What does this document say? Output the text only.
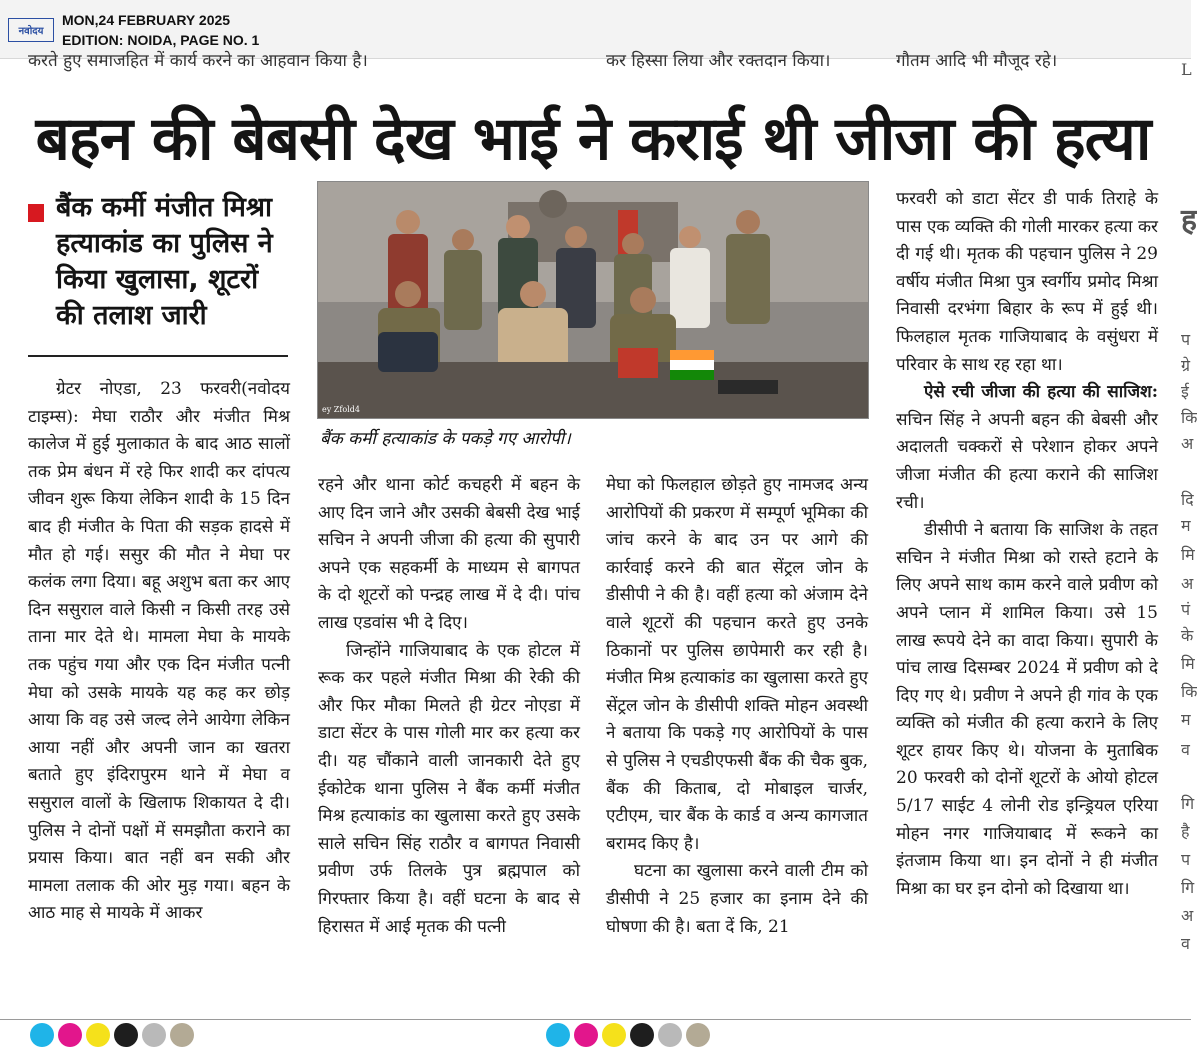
नवोदय
MON,24 FEBRUARY 2025
EDITION: NOIDA, PAGE NO. 1
करते हुए समाजहित में कार्य करने का आहवान किया है।	कर हिस्सा लिया और रक्तदान किया।	गौतम आदि भी मौजूद रहे।	L
ह
प
ग्रे
ई
कि
अ
दि
म
मि
अ
पं
के
मि
कि
म
व
गि
है
प
गि
अ
व
बहन की बेबसी देख भाई ने कराई थी जीजा की हत्या

बैंक कर्मी मंजीत मिश्रा हत्याकांड का पुलिस ने किया खुलासा, शूटरों की तलाश जारी

ey Zfold4
बैंक कर्मी हत्याकांड के पकड़े गए आरोपी।

ग्रेटर नोएडा, 23 फरवरी(नवोदय टाइम्स): मेघा राठौर और मंजीत मिश्र कालेज में हुई मुलाकात के बाद आठ सालों तक प्रेम बंधन में रहे फिर शादी कर दांपत्य जीवन शुरू किया लेकिन शादी के 15 दिन बाद ही मंजीत के पिता की सड़क हादसे में मौत हो गई। ससुर की मौत ने मेघा पर कलंक लगा दिया। बहू अशुभ बता कर आए दिन ससुराल वाले किसी न किसी तरह उसे ताना मार देते थे। मामला मेघा के मायके तक पहुंच गया और एक दिन मंजीत पत्नी मेघा को उसके मायके यह कह कर छोड़ आया कि वह उसे जल्द लेने आयेगा लेकिन आया नहीं और अपनी जान का खतरा बताते हुए इंदिरापुरम थाने में मेघा व ससुराल वालों के खिलाफ शिकायत दे दी। पुलिस ने दोनों पक्षों में समझौता कराने का प्रयास किया। बात नहीं बन सकी और मामला तलाक की ओर मुड़ गया। बहन के आठ माह से मायके में आकर

रहने और थाना कोर्ट कचहरी में बहन के आए दिन जाने और उसकी बेबसी देख भाई सचिन ने अपनी जीजा की हत्या की सुपारी अपने एक सहकर्मी के माध्यम से बागपत के दो शूटरों को पन्द्रह लाख में दे दी। पांच लाख एडवांस भी दे दिए।

जिन्होंने गाजियाबाद के एक होटल में रूक कर पहले मंजीत मिश्रा की रेकी की और फिर मौका मिलते ही ग्रेटर नोएडा में डाटा सेंटर के पास गोली मार कर हत्या कर दी। यह चौंकाने वाली जानकारी देते हुए ईकोटेक थाना पुलिस ने बैंक कर्मी मंजीत मिश्र हत्याकांड का खुलासा करते हुए उसके साले सचिन सिंह राठौर व बागपत निवासी प्रवीण उर्फ तिलके पुत्र ब्रह्मपाल को गिरफ्तार किया है। वहीं घटना के बाद से हिरासत में आई मृतक की पत्नी

मेघा को फिलहाल छोड़ते हुए नामजद अन्य आरोपियों की प्रकरण में सम्पूर्ण भूमिका की जांच करने के बाद उन पर आगे की कार्रवाई करने की बात सेंट्रल जोन के डीसीपी ने की है। वहीं हत्या को अंजाम देने वाले शूटरों की पहचान करते हुए उनके ठिकानों पर पुलिस छापेमारी कर रही है। मंजीत मिश्र हत्याकांड का खुलासा करते हुए सेंट्रल जोन के डीसीपी शक्ति मोहन अवस्थी ने बताया कि पकड़े गए आरोपियों के पास से पुलिस ने एचडीएफसी बैंक की चैक बुक, बैंक की किताब, दो मोबाइल चार्जर, एटीएम, चार बैंक के कार्ड व अन्य कागजात बरामद किए है।

घटना का खुलासा करने वाली टीम को डीसीपी ने 25 हजार का इनाम देने की घोषणा की है। बता दें कि, 21

फरवरी को डाटा सेंटर डी पार्क तिराहे के पास एक व्यक्ति की गोली मारकर हत्या कर दी गई थी। मृतक की पहचान पुलिस ने 29 वर्षीय मंजीत मिश्रा पुत्र स्वर्गीय प्रमोद मिश्रा निवासी दरभंगा बिहार के रूप में हुई थी। फिलहाल मृतक गाजियाबाद के वसुंधरा में परिवार के साथ रह रहा था।

ऐसे रची जीजा की हत्या की साजिश: सचिन सिंह ने अपनी बहन की बेबसी और अदालती चक्करों से परेशान होकर अपने जीजा मंजीत की हत्या कराने की साजिश रची।

डीसीपी ने बताया कि साजिश के तहत सचिन ने मंजीत मिश्रा को रास्ते हटाने के लिए अपने साथ काम करने वाले प्रवीण को अपने प्लान में शामिल किया। उसे 15 लाख रूपये देने का वादा किया। सुपारी के पांच लाख दिसम्बर 2024 में प्रवीण को दे दिए गए थे। प्रवीण ने अपने ही गांव के एक व्यक्ति को मंजीत की हत्या कराने के लिए शूटर हायर किए थे। योजना के मुताबिक 20 फरवरी को दोनों शूटरों के ओयो होटल 5/17 साईट 4 लोनी रोड इन्ड्रियल एरिया मोहन नगर गाजियाबाद में रूकने का इंतजाम किया था। इन दोनों ने ही मंजीत मिश्रा का घर इन दोनो को दिखाया था।
